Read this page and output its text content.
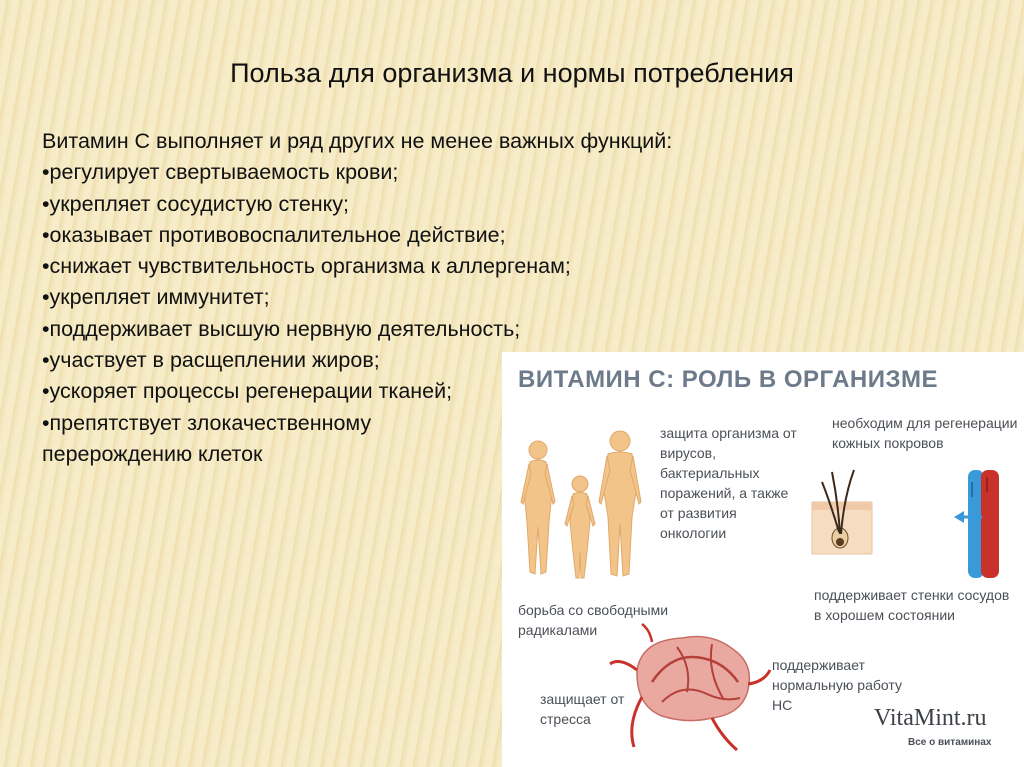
Польза для организма и нормы потребления
Витамин С выполняет и ряд других не менее важных функций:
•регулирует свертываемость крови;
•укрепляет сосудистую стенку;
•оказывает противовоспалительное действие;
•снижает чувствительность организма к аллергенам;
•укрепляет иммунитет;
•поддерживает высшую нервную деятельность;
•участвует в расщеплении жиров;
•ускоряет процессы регенерации тканей;
•препятствует злокачественному
перерождению клеток
ВИТАМИН С: РОЛЬ В ОРГАНИЗМЕ
защита организма от
вирусов,
бактериальных
поражений, а также
от развития
онкологии
необходим для регенерации
кожных покровов
поддерживает стенки сосудов
в хорошем состоянии
борьба со свободными
радикалами
поддерживает
нормальную работу
НС
защищает от
стресса	VitaMint.ru
Все о витаминах
